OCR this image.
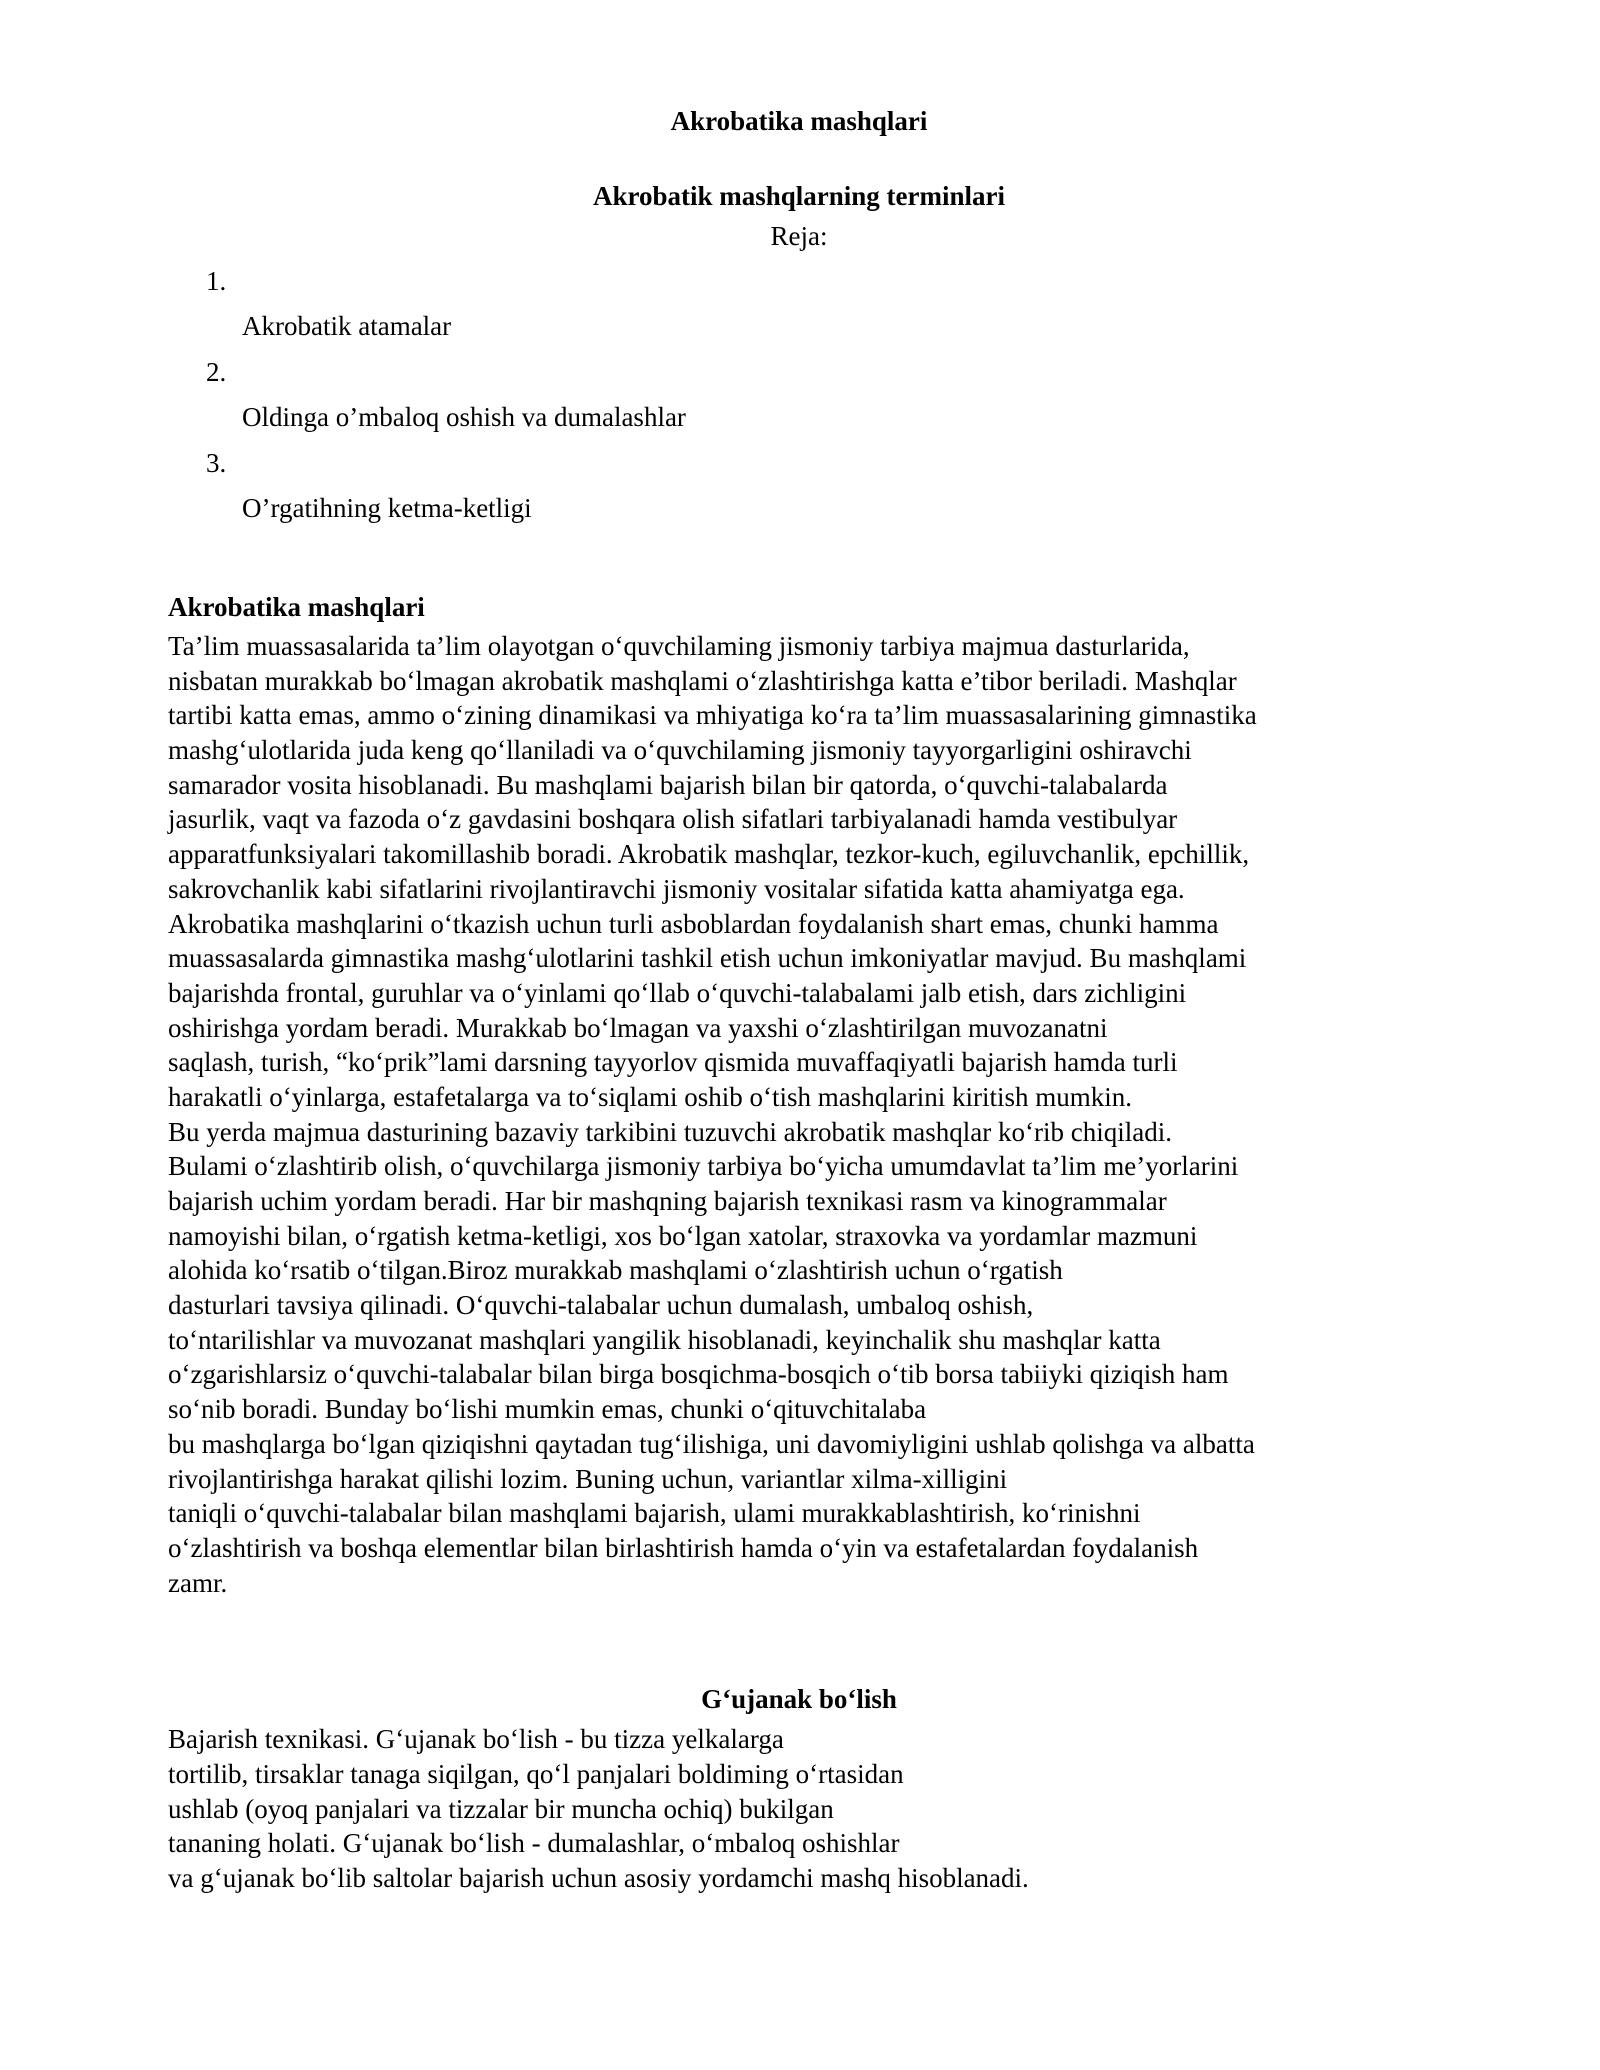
Akrobatika mashqlari
Akrobatik mashqlarning terminlari
Reja:
1.
Akrobatik atamalar
2.
Oldinga o’mbaloq oshish va dumalashlar
3.
O’rgatihning ketma-ketligi
Akrobatika mashqlari

Ta’lim muassasalarida ta’lim olayotgan o‘quvchilaming jismoniy tarbiya majmua dasturlarida,

nisbatan murakkab bo‘lmagan akrobatik mashqlami o‘zlashtirishga katta e’tibor beriladi. Mashqlar

tartibi katta emas, ammo o‘zining dinamikasi va mhiyatiga ko‘ra ta’lim muassasalarining gimnastika

mashg‘ulotlarida juda keng qo‘llaniladi va o‘quvchilaming jismoniy tayyorgarligini oshiravchi

samarador vosita hisoblanadi. Bu mashqlami bajarish bilan bir qatorda, o‘quvchi-talabalarda

jasurlik, vaqt va fazoda o‘z gavdasini boshqara olish sifatlari tarbiyalanadi hamda vestibulyar

apparatfunksiyalari takomillashib boradi. Akrobatik mashqlar, tezkor-kuch, egiluvchanlik, epchillik,

sakrovchanlik kabi sifatlarini rivojlantiravchi jismoniy vositalar sifatida katta ahamiyatga ega.

Akrobatika mashqlarini o‘tkazish uchun turli asboblardan foydalanish shart emas, chunki hamma

muassasalarda gimnastika mashg‘ulotlarini tashkil etish uchun imkoniyatlar mavjud. Bu mashqlami

bajarishda frontal, guruhlar va o‘yinlami qo‘llab o‘quvchi-talabalami jalb etish, dars zichligini

oshirishga yordam beradi. Murakkab bo‘lmagan va yaxshi o‘zlashtirilgan muvozanatni

saqlash, turish, “ko‘prik”lami darsning tayyorlov qismida muvaffaqiyatli bajarish hamda turli

harakatli o‘yinlarga, estafetalarga va to‘siqlami oshib o‘tish mashqlarini kiritish mumkin.

Bu yerda majmua dasturining bazaviy tarkibini tuzuvchi akrobatik mashqlar ko‘rib chiqiladi.

Bulami o‘zlashtirib olish, o‘quvchilarga jismoniy tarbiya bo‘yicha umumdavlat ta’lim me’yorlarini

bajarish uchim yordam beradi. Har bir mashqning bajarish texnikasi rasm va kinogrammalar

namoyishi bilan, o‘rgatish ketma-ketligi, xos bo‘lgan xatolar, straxovka va yordamlar mazmuni

alohida ko‘rsatib o‘tilgan.Biroz murakkab mashqlami o‘zlashtirish uchun o‘rgatish

dasturlari tavsiya qilinadi. O‘quvchi-talabalar uchun dumalash, umbaloq oshish,

to‘ntarilishlar va muvozanat mashqlari yangilik hisoblanadi, keyinchalik shu mashqlar katta

o‘zgarishlarsiz o‘quvchi-talabalar bilan birga bosqichma-bosqich o‘tib borsa tabiiyki qiziqish ham

so‘nib boradi. Bunday bo‘lishi mumkin emas, chunki o‘qituvchitalaba

bu mashqlarga bo‘lgan qiziqishni qaytadan tug‘ilishiga, uni davomiyligini ushlab qolishga va albatta

rivojlantirishga harakat qilishi lozim. Buning uchun, variantlar xilma-xilligini

taniqli o‘quvchi-talabalar bilan mashqlami bajarish, ulami murakkablashtirish, ko‘rinishni

o‘zlashtirish va boshqa elementlar bilan birlashtirish hamda o‘yin va estafetalardan foydalanish

zamr.

G‘ujanak bo‘lish

Bajarish texnikasi. G‘ujanak bo‘lish - bu tizza yelkalarga

tortilib, tirsaklar tanaga siqilgan, qo‘l panjalari boldiming o‘rtasidan

ushlab (oyoq panjalari va tizzalar bir muncha ochiq) bukilgan

tananing holati. G‘ujanak bo‘lish - dumalashlar, o‘mbaloq oshishlar

va g‘ujanak bo‘lib saltolar bajarish uchun asosiy yordamchi mashq hisoblanadi.
